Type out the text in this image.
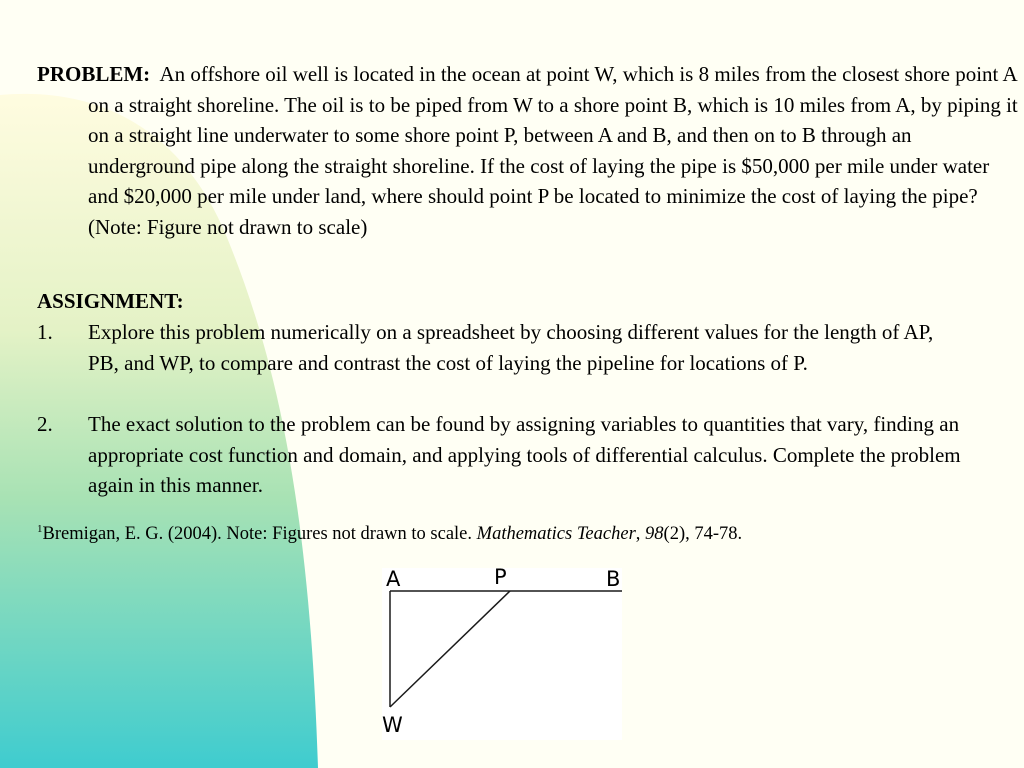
PROBLEM: An offshore oil well is located in the ocean at point W, which is 8 miles from the closest shore point A on a straight shoreline. The oil is to be piped from W to a shore point B, which is 10 miles from A, by piping it on a straight line underwater to some shore point P, between A and B, and then on to B through an underground pipe along the straight shoreline. If the cost of laying the pipe is $50,000 per mile under water and $20,000 per mile under land, where should point P be located to minimize the cost of laying the pipe? (Note: Figure not drawn to scale)
ASSIGNMENT:
1. Explore this problem numerically on a spreadsheet by choosing different values for the length of AP, PB, and WP, to compare and contrast the cost of laying the pipeline for locations of P.
2. The exact solution to the problem can be found by assigning variables to quantities that vary, finding an appropriate cost function and domain, and applying tools of differential calculus. Complete the problem again in this manner.
$^1$Bremigan, E. G. (2004). Note: Figures not drawn to scale. Mathematics Teacher, 98(2), 74-78.
A	P	B
W
